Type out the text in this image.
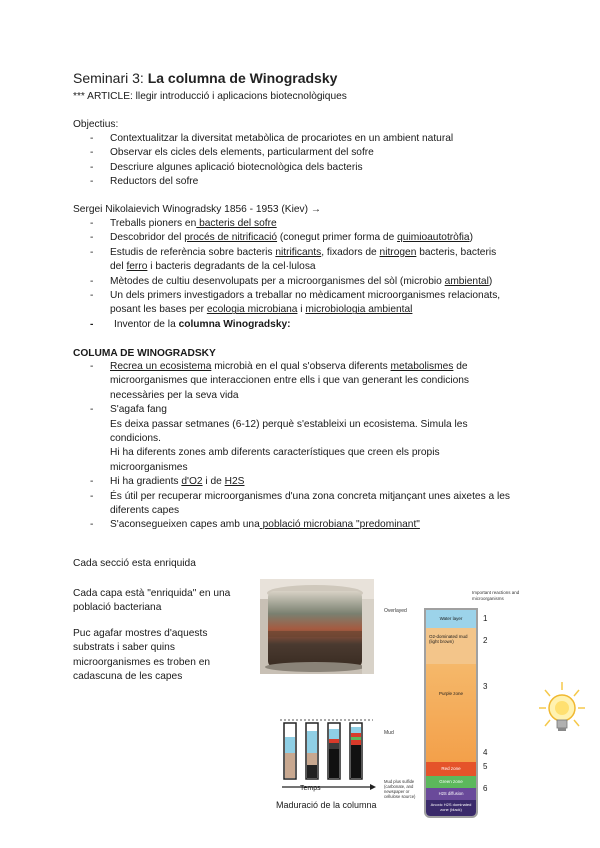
Seminari 3: La columna de Winogradsky
*** ARTICLE: llegir introducció i aplicacions biotecnològiques
Objectius:
- Contextualitzar la diversitat metabòlica de procariotes en un ambient natural
- Observar els cicles dels elements, particularment del sofre
- Descriure algunes aplicació biotecnològica dels bacteris
- Reductors del sofre
Sergei Nikolaievich Winogradsky 1856 - 1953 (Kiev) →
- Treballs pioners en bacteris del sofre
- Descobridor del procés de nitrificació (conegut primer forma de quimioautotròfia)
- Estudis de referència sobre bacteris nitrificants, fixadors de nitrogen bacteris, bacteris
del ferro i bacteris degradants de la cel·lulosa
- Mètodes de cultiu desenvolupats per a microorganismes del sòl (microbio ambiental)
- Un dels primers investigadors a treballar no mèdicament microorganismes relacionats,
posant les bases per ecologia microbiana i microbiologia ambiental
- Inventor de la columna Winogradsky:
COLUMA DE WINOGRADSKY
- Recrea un ecosistema microbià en el qual s'observa diferents metabolismes de
microorganismes que interaccionen entre ells i que van generant les condicions
necessàries per la seva vida
- S'agafa fang
Es deixa passar setmanes (6-12) perquè s'estableixi un ecosistema. Simula les
condicions.
Hi ha diferents zones amb diferents característiques que creen els propis
microorganismes
- Hi ha gradients d'O2 i de H2S
- És útil per recuperar microorganismes d'una zona concreta mitjançant unes aixetes a les
diferents capes
- S'aconsegueixen capes amb una població microbiana "predominant"
Cada secció esta enriquida
Cada capa està "enriquida" en una població bacteriana
Puc agafar mostres d'aquests substrats i saber quins microorganismes es troben en cadascuna de les capes
Temps
Maduració de la columna
Important reactions and microorganisms
Overlayed
Mud
Mud plus sulfide (carbonate, and newspaper or cellulose source)
Water layer
O2-dominated mud (light brown)
Purple zone
Red zone
Green zone
H2S diffusion
Anoxic H2S dominated zone (black)
1
2
3
4
5
6
